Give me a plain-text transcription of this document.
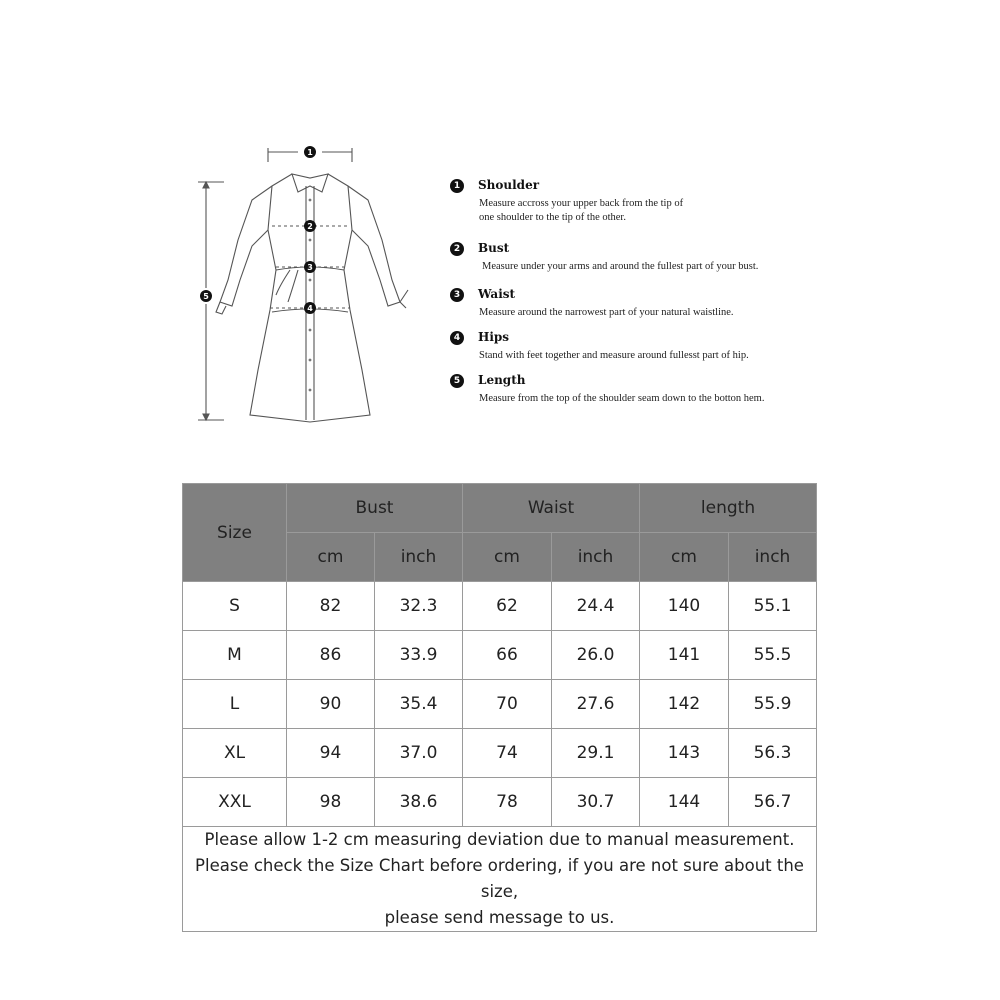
1
2
3
4
5
1	Shoulder
Measure accross your upper back from the tip of
one shoulder to the tip of the other.
2	Bust
Measure under your arms and around the fullest part of your bust.
3	Waist
Measure around the narrowest part of your natural waistline.
4	Hips
Stand with feet together and measure around fullesst part of hip.
5	Length
Measure from the top of the shoulder seam down to the botton hem.
Size	Bust		Waist		length	
	cm	inch	cm	inch	cm	inch
S	82	32.3	62	24.4	140	55.1
M	86	33.9	66	26.0	141	55.5
L	90	35.4	70	27.6	142	55.9
XL	94	37.0	74	29.1	143	56.3
XXL	98	38.6	78	30.7	144	56.7

Please allow 1-2 cm measuring deviation due to manual measurement.
Please check the Size Chart before ordering, if you are not sure about the size,
please send message to us.						
